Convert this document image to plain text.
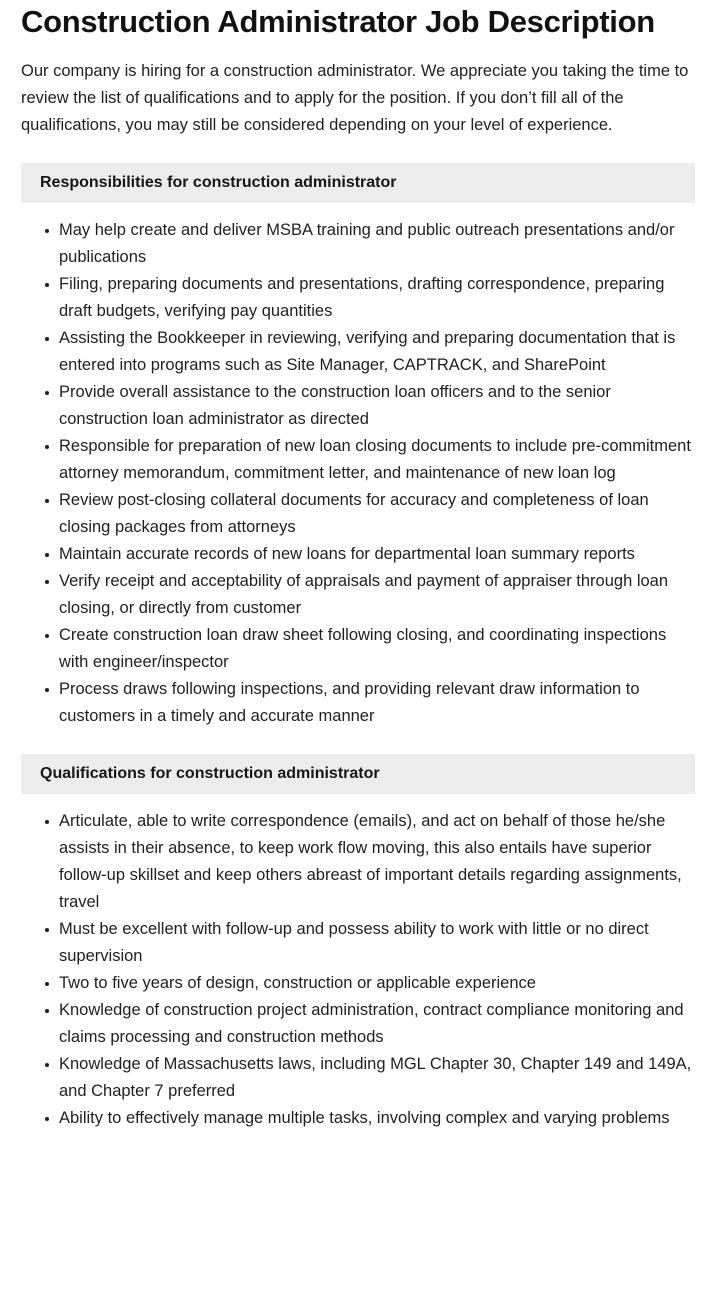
Construction Administrator Job Description

Our company is hiring for a construction administrator. We appreciate you taking the time to review the list of qualifications and to apply for the position. If you don’t fill all of the qualifications, you may still be considered depending on your level of experience.

Responsibilities for construction administrator
May help create and deliver MSBA training and public outreach presentations and/or publications
Filing, preparing documents and presentations, drafting correspondence, preparing draft budgets, verifying pay quantities
Assisting the Bookkeeper in reviewing, verifying and preparing documentation that is entered into programs such as Site Manager, CAPTRACK, and SharePoint
Provide overall assistance to the construction loan officers and to the senior construction loan administrator as directed
Responsible for preparation of new loan closing documents to include pre-commitment attorney memorandum, commitment letter, and maintenance of new loan log
Review post-closing collateral documents for accuracy and completeness of loan closing packages from attorneys
Maintain accurate records of new loans for departmental loan summary reports
Verify receipt and acceptability of appraisals and payment of appraiser through loan closing, or directly from customer
Create construction loan draw sheet following closing, and coordinating inspections with engineer/inspector
Process draws following inspections, and providing relevant draw information to customers in a timely and accurate manner
Qualifications for construction administrator
Articulate, able to write correspondence (emails), and act on behalf of those he/she assists in their absence, to keep work flow moving, this also entails have superior follow-up skillset and keep others abreast of important details regarding assignments, travel
Must be excellent with follow-up and possess ability to work with little or no direct supervision
Two to five years of design, construction or applicable experience
Knowledge of construction project administration, contract compliance monitoring and claims processing and construction methods
Knowledge of Massachusetts laws, including MGL Chapter 30, Chapter 149 and 149A, and Chapter 7 preferred
Ability to effectively manage multiple tasks, involving complex and varying problems
